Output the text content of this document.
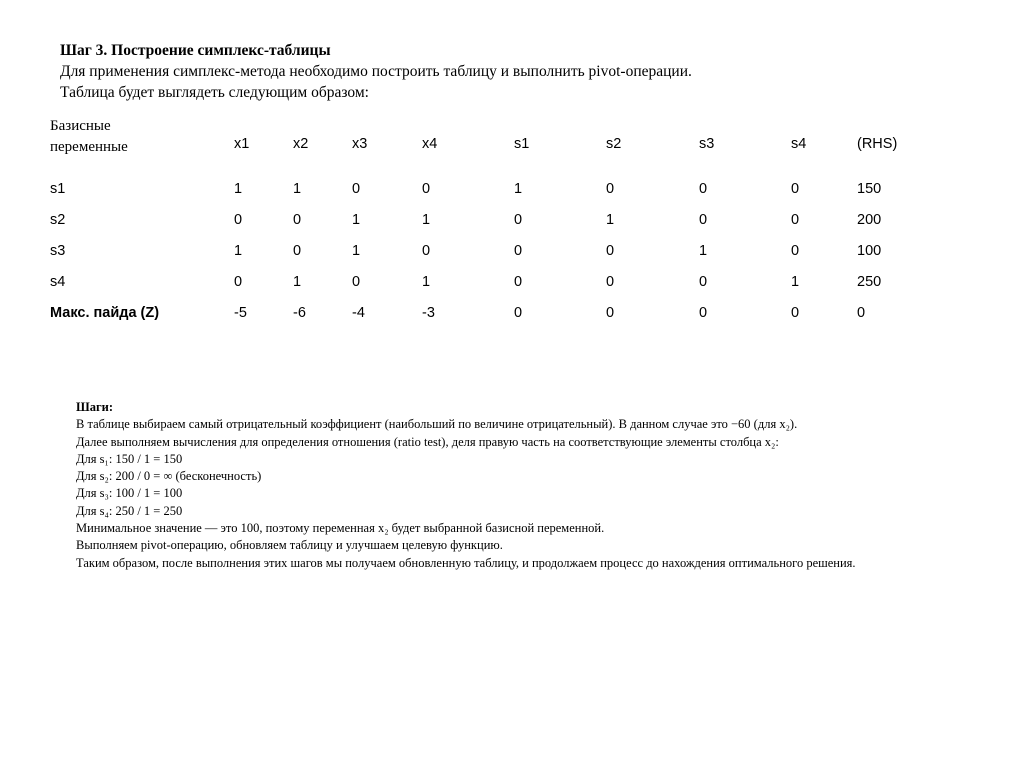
Шаг 3. Построение симплекс-таблицы
Для применения симплекс-метода необходимо построить таблицу и выполнить pivot-операции.
Таблица будет выглядеть следующим образом:
Базисные переменные	x1	x2	x3	x4	s1	s2	s3	s4	(RHS)
s1	1	1	0	0	1	0	0	0	150
s2	0	0	1	1	0	1	0	0	200
s3	1	0	1	0	0	0	1	0	100
s4	0	1	0	1	0	0	0	1	250
Макс. пайда (Z)	-5	-6	-4	-3	0	0	0	0	0
Шаги:
В таблице выбираем самый отрицательный коэффициент (наибольший по величине отрицательный). В данном случае это −60 (для x₂).
Далее выполняем вычисления для определения отношения (ratio test), деля правую часть на соответствующие элементы столбца x₂:
Для s₁: 150 / 1 = 150
Для s₂: 200 / 0 = ∞ (бесконечность)
Для s₃: 100 / 1 = 100
Для s₄: 250 / 1 = 250
Минимальное значение — это 100, поэтому переменная x₂ будет выбранной базисной переменной.
Выполняем pivot-операцию, обновляем таблицу и улучшаем целевую функцию.
Таким образом, после выполнения этих шагов мы получаем обновленную таблицу, и продолжаем процесс до нахождения оптимального решения.
